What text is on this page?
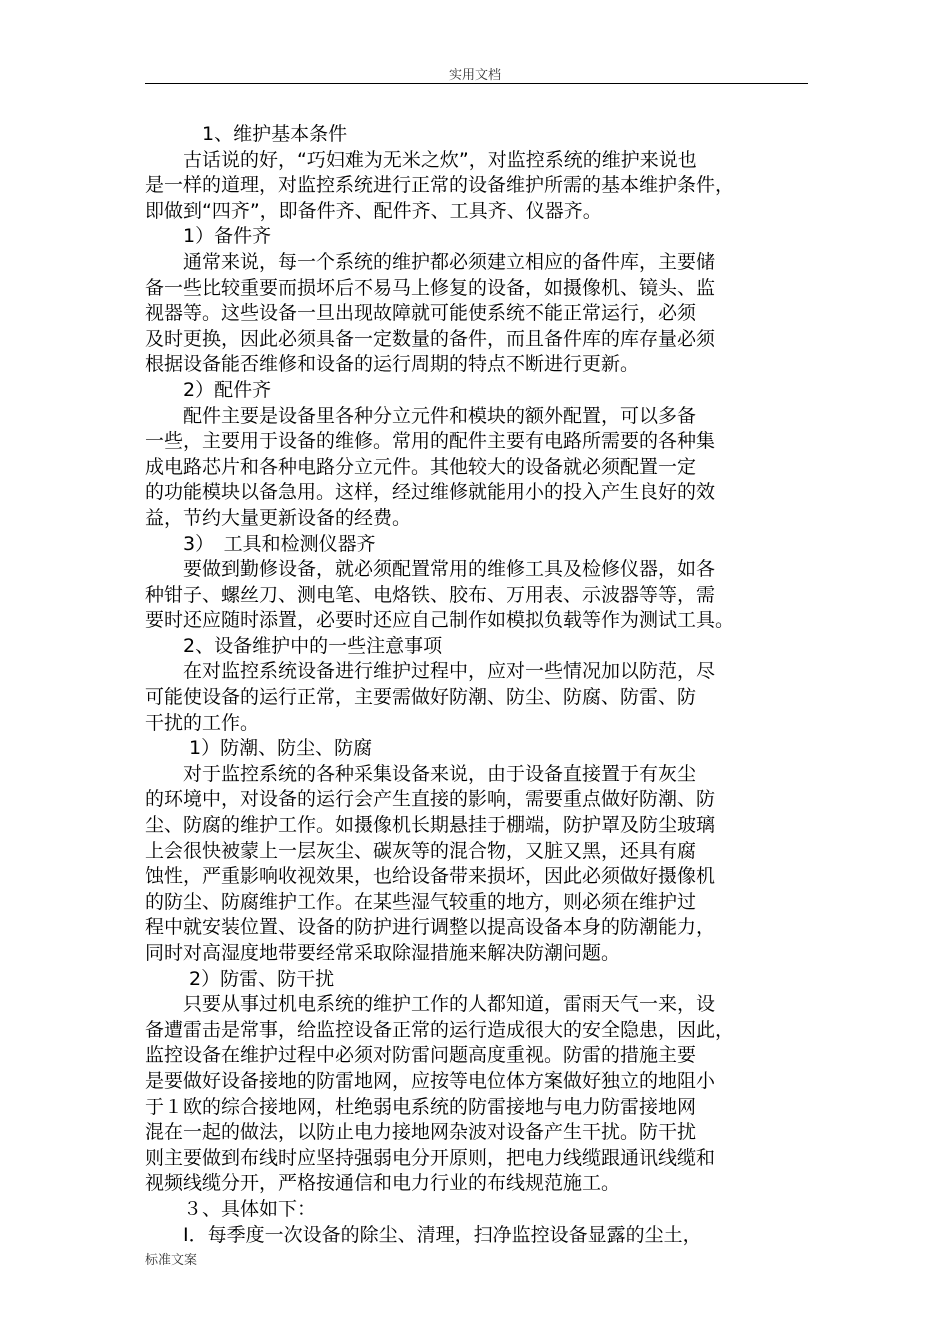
实用文档
　　　1、维护基本条件
　　古话说的好，“巧妇难为无米之炊”，对监控系统的维护来说也
是一样的道理，对监控系统进行正常的设备维护所需的基本维护条件，
即做到“四齐”，即备件齐、配件齐、工具齐、仪器齐。
　　1）备件齐
　　通常来说，每一个系统的维护都必须建立相应的备件库，主要储
备一些比较重要而损坏后不易马上修复的设备，如摄像机、镜头、监
视器等。这些设备一旦出现故障就可能使系统不能正常运行，必须
及时更换，因此必须具备一定数量的备件，而且备件库的库存量必须
根据设备能否维修和设备的运行周期的特点不断进行更新。
　　2）配件齐
　　配件主要是设备里各种分立元件和模块的额外配置，可以多备
一些，主要用于设备的维修。常用的配件主要有电路所需要的各种集
成电路芯片和各种电路分立元件。其他较大的设备就必须配置一定
的功能模块以备急用。这样，经过维修就能用小的投入产生良好的效
益，节约大量更新设备的经费。
　　3）　工具和检测仪器齐
　　要做到勤修设备，就必须配置常用的维修工具及检修仪器，如各
种钳子、螺丝刀、测电笔、电烙铁、胶布、万用表、示波器等等，需
要时还应随时添置，必要时还应自己制作如模拟负载等作为测试工具。
　　2、设备维护中的一些注意事项
　　在对监控系统设备进行维护过程中，应对一些情况加以防范，尽
可能使设备的运行正常，主要需做好防潮、防尘、防腐、防雷、防
干扰的工作。
　　 1）防潮、防尘、防腐
　　对于监控系统的各种采集设备来说，由于设备直接置于有灰尘
的环境中，对设备的运行会产生直接的影响，需要重点做好防潮、防
尘、防腐的维护工作。如摄像机长期悬挂于棚端，防护罩及防尘玻璃
上会很快被蒙上一层灰尘、碳灰等的混合物，又脏又黑，还具有腐
蚀性，严重影响收视效果，也给设备带来损坏，因此必须做好摄像机
的防尘、防腐维护工作。在某些湿气较重的地方，则必须在维护过
程中就安装位置、设备的防护进行调整以提高设备本身的防潮能力，
同时对高湿度地带要经常采取除湿措施来解决防潮问题。
　　 2）防雷、防干扰
　　只要从事过机电系统的维护工作的人都知道，雷雨天气一来，设
备遭雷击是常事，给监控设备正常的运行造成很大的安全隐患，因此，
监控设备在维护过程中必须对防雷问题高度重视。防雷的措施主要
是要做好设备接地的防雷地网，应按等电位体方案做好独立的地阻小
于１欧的综合接地网，杜绝弱电系统的防雷接地与电力防雷接地网
混在一起的做法，以防止电力接地网杂波对设备产生干扰。防干扰
则主要做到布线时应坚持强弱电分开原则，把电力线缆跟通讯线缆和
视频线缆分开，严格按通信和电力行业的布线规范施工。
　　３、具体如下：
　　Ⅰ．每季度一次设备的除尘、清理，扫净监控设备显露的尘土，
标准文案
